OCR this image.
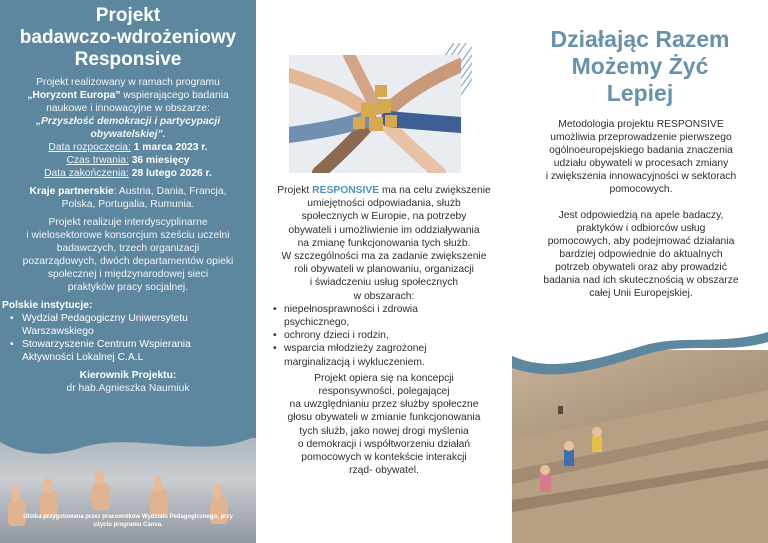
Projekt
badawczo-wdrożeniowy
Responsive

Projekt realizowany w ramach programu

„Horyzont Europa” wspierającego badania

naukowe i innowacyjne w obszarze:

„Przyszłość demokracji i partycypacji

obywatelskiej”.

Data rozpoczęcia: 1 marca 2023 r.

Czas trwania: 36 miesięcy

Data zakończenia: 28 lutego 2026 r.

Kraje partnerskie: Austria, Dania, Francja,

Polska, Portugalia, Rumunia.

Projekt realizuje interdyscyplinarne

i wielosektorowe konsorcjum sześciu uczelni

badawczych, trzech organizacji

pozarządowych, dwóch departamentów opieki

społecznej i międzynarodowej sieci

praktyków pracy socjalnej.

Polskie instytucje:
• Wydział Pedagogiczny Uniwersytetu
Warszawskiego
• Stowarzyszenie Centrum Wspierania
Aktywności Lokalnej C.A.L

Kierownik Projektu:

dr hab.Agnieszka Naumiuk

Ulotka przygotowana przez pracowników Wydziału Pedagogicznego, przy
użyciu programu Canva.

Projekt RESPONSIVE ma na celu zwiększenie

umiejętności odpowiadania, służb

społecznych w Europie, na potrzeby

obywateli i umożliwienie im oddziaływania

na zmianę funkcjonowania tych służb.

W szczególności ma za zadanie zwiększenie

roli obywateli w planowaniu, organizacji

i świadczeniu usług społecznych

w obszarach:

• niepełnosprawności i zdrowia
psychicznego,
• ochrony dzieci i rodzin,
• wsparcia młodzieży zagrożonej
marginalizacją i wykluczeniem.

Projekt opiera się na koncepcji

responsywności, polegającej

na uwzględnianiu przez służby społeczne

głosu obywateli w zmianie funkcjonowania

tych służb, jako nowej drogi myślenia

o demokracji i współtworzeniu działań

pomocowych w kontekście interakcji

rząd- obywatel.

Działając Razem
Możemy Żyć
Lepiej

Metodologia projektu RESPONSIVE

umożliwia przeprowadzenie pierwszego

ogólnoeuropejskiego badania znaczenia

udziału obywateli w procesach zmiany

i zwiększenia innowacyjności w sektorach

pomocowych.

Jest odpowiedzią na apele badaczy,

praktyków i odbiorców usług

pomocowych, aby podejmować działania

bardziej odpowiednie do aktualnych

potrzeb obywateli oraz aby prowadzić

badania nad ich skutecznością w obszarze

całej Unii Europejskiej.
